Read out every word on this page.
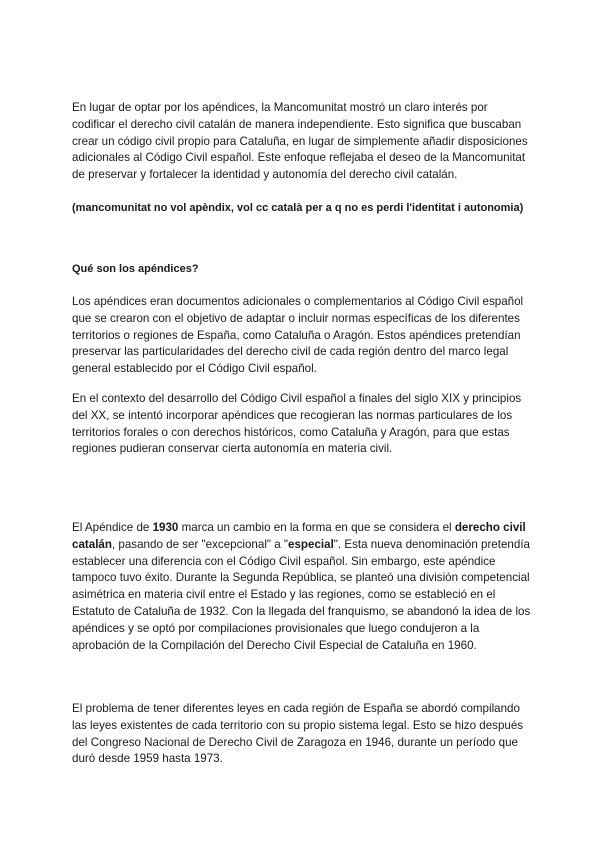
En lugar de optar por los apéndices, la Mancomunitat mostró un claro interés por codificar el derecho civil catalán de manera independiente. Esto significa que buscaban crear un código civil propio para Cataluña, en lugar de simplemente añadir disposiciones adicionales al Código Civil español. Este enfoque reflejaba el deseo de la Mancomunitat de preservar y fortalecer la identidad y autonomía del derecho civil catalán.

(mancomunitat no vol apèndix, vol cc català per a q no es perdi l'identitat i autonomia)

Qué son los apéndices?

Los apéndices eran documentos adicionales o complementarios al Código Civil español que se crearon con el objetivo de adaptar o incluir normas específicas de los diferentes territorios o regiones de España, como Cataluña o Aragón. Estos apéndices pretendían preservar las particularidades del derecho civil de cada región dentro del marco legal general establecido por el Código Civil español.

En el contexto del desarrollo del Código Civil español a finales del siglo XIX y principios del XX, se intentó incorporar apéndices que recogieran las normas particulares de los territorios forales o con derechos históricos, como Cataluña y Aragón, para que estas regiones pudieran conservar cierta autonomía en materia civil.

El Apéndice de 1930 marca un cambio en la forma en que se considera el derecho civil catalán, pasando de ser "excepcional" a "especial". Esta nueva denominación pretendía establecer una diferencia con el Código Civil español. Sin embargo, este apéndice tampoco tuvo éxito. Durante la Segunda República, se planteó una división competencial asimétrica en materia civil entre el Estado y las regiones, como se estableció en el Estatuto de Cataluña de 1932. Con la llegada del franquismo, se abandonó la idea de los apéndices y se optó por compilaciones provisionales que luego condujeron a la aprobación de la Compilación del Derecho Civil Especial de Cataluña en 1960.

El problema de tener diferentes leyes en cada región de España se abordó compilando las leyes existentes de cada territorio con su propio sistema legal. Esto se hizo después del Congreso Nacional de Derecho Civil de Zaragoza en 1946, durante un período que duró desde 1959 hasta 1973.
